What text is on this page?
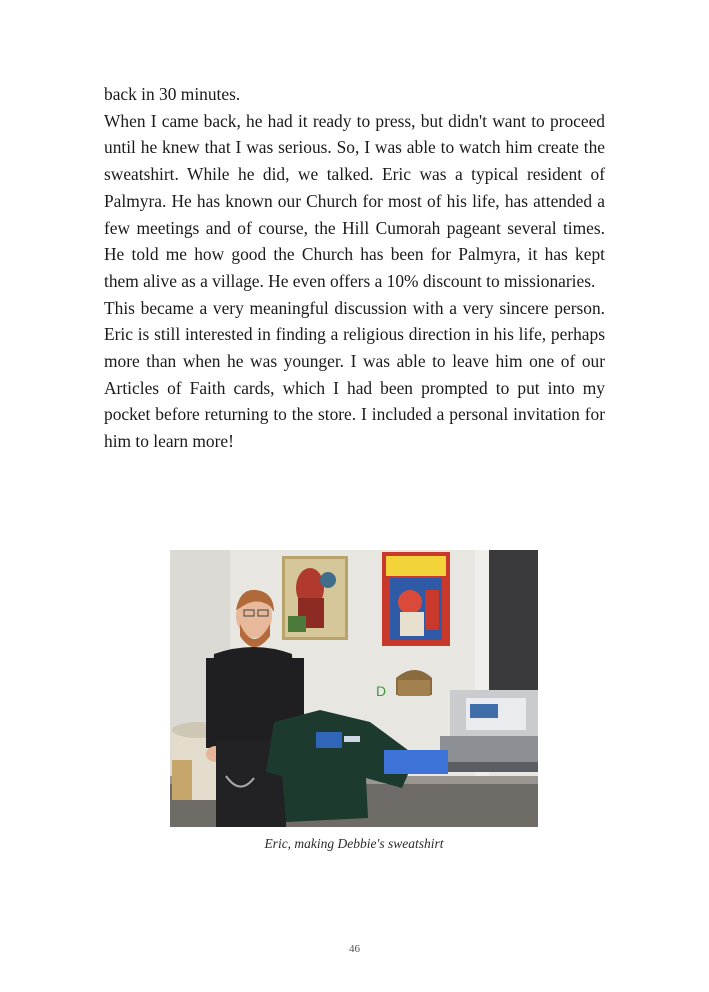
back in 30 minutes.

When I came back, he had it ready to press, but didn't want to proceed until he knew that I was serious. So, I was able to watch him create the sweatshirt. While he did, we talked. Eric was a typical resident of Palmyra. He has known our Church for most of his life, has attended a few meetings and of course, the Hill Cumorah pageant several times. He told me how good the Church has been for Palmyra, it has kept them alive as a village. He even offers a 10% discount to missionaries.

This became a very meaningful discussion with a very sincere person. Eric is still interested in finding a religious direction in his life, perhaps more than when he was younger. I was able to leave him one of our Articles of Faith cards, which I had been prompted to put into my pocket before returning to the store. I included a personal invitation for him to learn more!

D
Eric, making Debbie's sweatshirt
46
